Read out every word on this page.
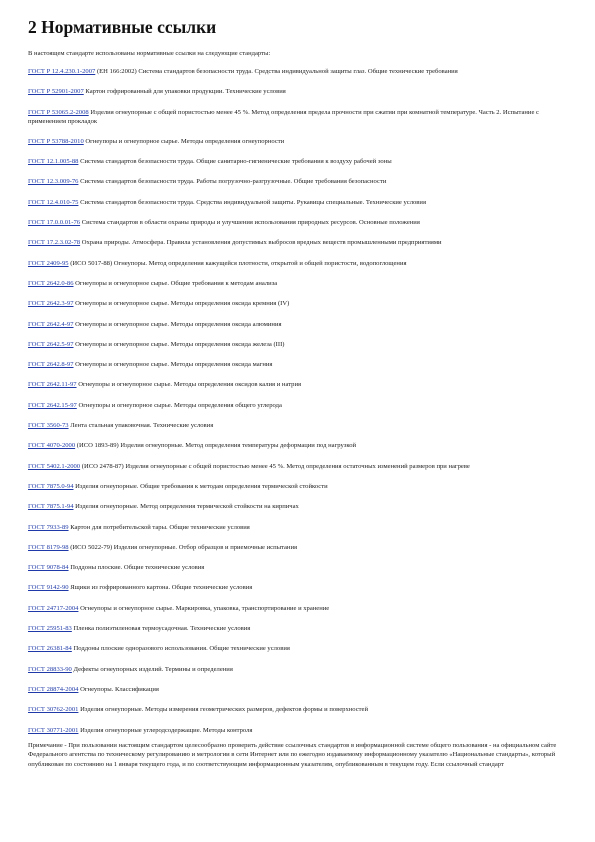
2 Нормативные ссылки

В настоящем стандарте использованы нормативные ссылки на следующие стандарты:

ГОСТ Р 12.4.230.1-2007 (ЕН 166:2002) Система стандартов безопасности труда. Средства индивидуальной защиты глаз. Общие технические требования

ГОСТ Р 52901-2007 Картон гофрированный для упаковки продукции. Технические условия

ГОСТ Р 53065.2-2008 Изделия огнеупорные с общей пористостью менее 45 %. Метод определения предела прочности при сжатии при комнатной температуре. Часть 2. Испытание с применением прокладок

ГОСТ Р 53788-2010 Огнеупоры и огнеупорное сырье. Методы определения огнеупорности

ГОСТ 12.1.005-88 Система стандартов безопасности труда. Общие санитарно-гигиенические требования к воздуху рабочей зоны

ГОСТ 12.3.009-76 Система стандартов безопасности труда. Работы погрузочно-разгрузочные. Общие требования безопасности

ГОСТ 12.4.010-75 Система стандартов безопасности труда. Средства индивидуальной защиты. Рукавицы специальные. Технические условия

ГОСТ 17.0.0.01-76 Система стандартов в области охраны природы и улучшения использования природных ресурсов. Основные положения

ГОСТ 17.2.3.02-78 Охрана природы. Атмосфера. Правила установления допустимых выбросов вредных веществ промышленными предприятиями

ГОСТ 2409-95 (ИСО 5017-88) Огнеупоры. Метод определения кажущейся плотности, открытой и общей пористости, водопоглощения

ГОСТ 2642.0-86 Огнеупоры и огнеупорное сырье. Общие требования к методам анализа

ГОСТ 2642.3-97 Огнеупоры и огнеупорное сырье. Методы определения оксида кремния (IV)

ГОСТ 2642.4-97 Огнеупоры и огнеупорное сырье. Методы определения оксида алюминия

ГОСТ 2642.5-97 Огнеупоры и огнеупорное сырье. Методы определения оксида железа (III)

ГОСТ 2642.8-97 Огнеупоры и огнеупорное сырье. Методы определения оксида магния

ГОСТ 2642.11-97 Огнеупоры и огнеупорное сырье. Методы определения оксидов калия и натрия

ГОСТ 2642.15-97 Огнеупоры и огнеупорное сырье. Методы определения общего углерода

ГОСТ 3560-73 Лента стальная упаковочная. Технические условия

ГОСТ 4070-2000 (ИСО 1893-89) Изделия огнеупорные. Метод определения температуры деформации под нагрузкой

ГОСТ 5402.1-2000 (ИСО 2478-87) Изделия огнеупорные с общей пористостью менее 45 %. Метод определения остаточных изменений размеров при нагреве

ГОСТ 7875.0-94 Изделия огнеупорные. Общие требования к методам определения термической стойкости

ГОСТ 7875.1-94 Изделия огнеупорные. Метод определения термической стойкости на кирпичах

ГОСТ 7933-89 Картон для потребительской тары. Общие технические условия

ГОСТ 8179-98 (ИСО 5022-79) Изделия огнеупорные. Отбор образцов и приемочные испытания

ГОСТ 9078-84 Поддоны плоские. Общие технические условия

ГОСТ 9142-90 Ящики из гофрированного картона. Общие технические условия

ГОСТ 24717-2004 Огнеупоры и огнеупорное сырье. Маркировка, упаковка, транспортирование и хранение

ГОСТ 25951-83 Пленка полиэтиленовая термоусадочная. Технические условия

ГОСТ 26381-84 Поддоны плоские одноразового использования. Общие технические условия

ГОСТ 28833-90 Дефекты огнеупорных изделий. Термины и определения

ГОСТ 28874-2004 Огнеупоры. Классификация

ГОСТ 30762-2001 Изделия огнеупорные. Методы измерения геометрических размеров, дефектов формы и поверхностей

ГОСТ 30771-2001 Изделия огнеупорные углеродсодержащие. Методы контроля

Примечание - При пользовании настоящим стандартом целесообразно проверить действие ссылочных стандартов в информационной системе общего пользования - на официальном сайте Федерального агентства по техническому регулированию и метрологии в сети Интернет или по ежегодно издаваемому информационному указателю «Национальные стандарты», который опубликован по состоянию на 1 января текущего года, и по соответствующим информационным указателям, опубликованным в текущем году. Если ссылочный стандарт
